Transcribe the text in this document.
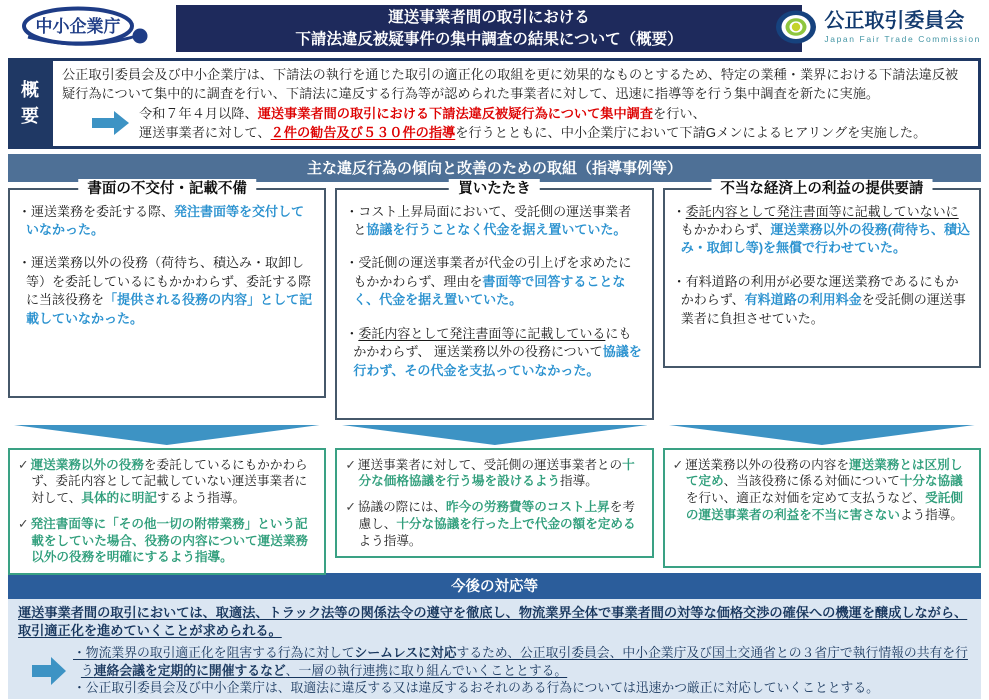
中小企業庁	運送事業者間の取引における
下請法違反被疑事件の集中調査の結果について（概要）
公正取引委員会
Japan Fair Trade Commission
概要

公正取引委員会及び中小企業庁は、下請法の執行を通じた取引の適正化の取組を更に効果的なものとするため、特定の業種・業界における下請法違反被疑行為について集中的に調査を行い、下請法に違反する行為等が認められた事業者に対して、迅速に指導等を行う集中調査を新たに実施。

令和７年４月以降、運送事業者間の取引における下請法違反被疑行為について集中調査を行い、
運送事業者に対して、２件の勧告及び５３０件の指導を行うとともに、中小企業庁において下請Gメンによるヒアリングを実施した。
主な違反行為の傾向と改善のための取組（指導事例等）
書面の不交付・記載不備

・運送業務を委託する際、発注書面等を交付していなかった。

・運送業務以外の役務（荷待ち、積込み・取卸し等）を委託しているにもかかわらず、委託する際に当該役務を「提供される役務の内容」として記載していなかった。

買いたたき

・コスト上昇局面において、受託側の運送事業者と協議を行うことなく代金を据え置いていた。

・受託側の運送事業者が代金の引上げを求めたにもかかわらず、理由を書面等で回答することなく、代金を据え置いていた。

・委託内容として発注書面等に記載しているにもかかわらず、 運送業務以外の役務について協議を行わず、その代金を支払っていなかった。

不当な経済上の利益の提供要請

・委託内容として発注書面等に記載していないにもかかわらず、運送業務以外の役務(荷待ち、積込み・取卸し等)を無償で行わせていた。

・有料道路の利用が必要な運送業務であるにもかかわらず、有料道路の利用料金を受託側の運送事業者に負担させていた。

✓ 運送業務以外の役務を委託しているにもかかわらず、委託内容として記載していない運送事業者に対して、具体的に明記するよう指導。

✓ 発注書面等に「その他一切の附帯業務」という記載をしていた場合、役務の内容について運送業務以外の役務を明確にするよう指導。

✓ 運送事業者に対して、受託側の運送事業者との十分な価格協議を行う場を設けるよう指導。

✓ 協議の際には、昨今の労務費等のコスト上昇を考慮し、十分な協議を行った上で代金の額を定めるよう指導。

✓ 運送業務以外の役務の内容を運送業務とは区別して定め、当該役務に係る対価について十分な協議を行い、適正な対価を定めて支払うなど、受託側の運送事業者の利益を不当に害さないよう指導。

今後の対応等

運送事業者間の取引においては、取適法、トラック法等の関係法令の遵守を徹底し、物流業界全体で事業者間の対等な価格交渉の確保への機運を醸成しながら、取引適正化を進めていくことが求められる。

・物流業界の取引適正化を阻害する行為に対してシームレスに対応するため、公正取引委員会、中小企業庁及び国土交通省との３省庁で執行情報の共有を行う連絡会議を定期的に開催するなど、一層の執行連携に取り組んでいくこととする。

・公正取引委員会及び中小企業庁は、取適法に違反する又は違反するおそれのある行為については迅速かつ厳正に対応していくこととする。
